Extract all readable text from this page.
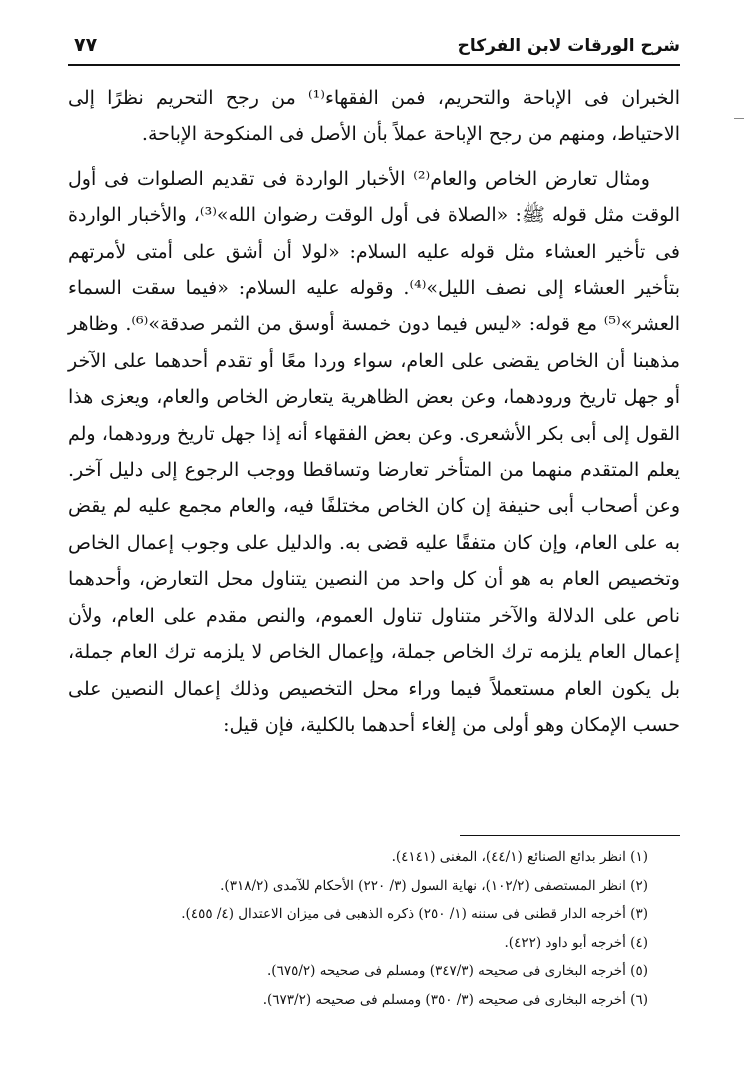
شرح الورقات لابن الفركاح
٧٧

الخبران فى الإباحة والتحريم، فمن الفقهاء⁽¹⁾ من رجح التحريم نظرًا إلى الاحتياط، ومنهم من رجح الإباحة عملاً بأن الأصل فى المنكوحة الإباحة.

ومثال تعارض الخاص والعام⁽²⁾ الأخبار الواردة فى تقديم الصلوات فى أول الوقت مثل قوله ﷺ: «الصلاة فى أول الوقت رضوان الله»⁽³⁾، والأخبار الواردة فى تأخير العشاء مثل قوله عليه السلام: «لولا أن أشق على أمتى لأمرتهم بتأخير العشاء إلى نصف الليل»⁽⁴⁾. وقوله عليه السلام: «فيما سقت السماء العشر»⁽⁵⁾ مع قوله: «ليس فيما دون خمسة أوسق من الثمر صدقة»⁽⁶⁾. وظاهر مذهبنا أن الخاص يقضى على العام، سواء وردا معًا أو تقدم أحدهما على الآخر أو جهل تاريخ ورودهما، وعن بعض الظاهرية يتعارض الخاص والعام، ويعزى هذا القول إلى أبى بكر الأشعرى. وعن بعض الفقهاء أنه إذا جهل تاريخ ورودهما، ولم يعلم المتقدم منهما من المتأخر تعارضا وتساقطا ووجب الرجوع إلى دليل آخر. وعن أصحاب أبى حنيفة إن كان الخاص مختلفًا فيه، والعام مجمع عليه لم يقض به على العام، وإن كان متفقًا عليه قضى به. والدليل على وجوب إعمال الخاص وتخصيص العام به هو أن كل واحد من النصين يتناول محل التعارض، وأحدهما ناص على الدلالة والآخر متناول تناول العموم، والنص مقدم على العام، ولأن إعمال العام يلزمه ترك الخاص جملة، وإعمال الخاص لا يلزمه ترك العام جملة، بل يكون العام مستعملاً فيما وراء محل التخصيص وذلك إعمال النصين على حسب الإمكان وهو أولى من إلغاء أحدهما بالكلية، فإن قيل:

(١) انظر بدائع الصنائع (٤٤/١)، المغنى (٤١٤١).
(٢) انظر المستصفى (١٠٢/٢)، نهاية السول (٣/ ٢٢٠) الأحكام للآمدى (٣١٨/٢).
(٣) أخرجه الدار قطنى فى سننه (١/ ٢٥٠) ذكره الذهبى فى ميزان الاعتدال (٤/ ٤٥٥).
(٤) أخرجه أبو داود (٤٢٢).
(٥) أخرجه البخارى فى صحيحه (٣٤٧/٣) ومسلم فى صحيحه (٦٧٥/٢).
(٦) أخرجه البخارى فى صحيحه (٣/ ٣٥٠) ومسلم فى صحيحه (٦٧٣/٢).
